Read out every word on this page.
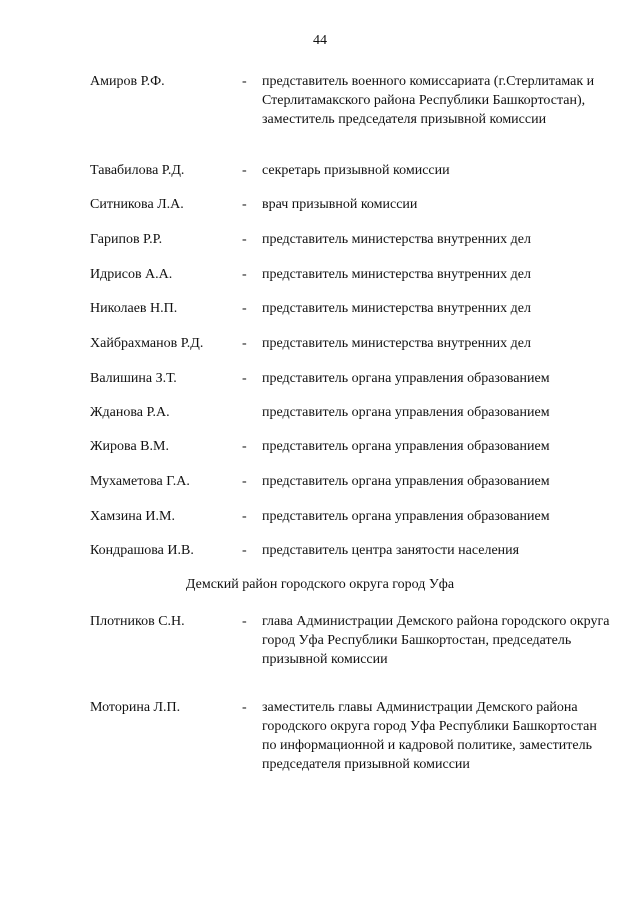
44
Амиров Р.Ф.	- представитель военного комиссариата (г.Стерлитамак и Стерлитамакского района Республики Башкортостан), заместитель председателя призывной комиссии
Тавабилова Р.Д.	- секретарь призывной комиссии
Ситникова Л.А.	- врач призывной комиссии
Гарипов Р.Р.	- представитель министерства внутренних дел
Идрисов А.А.	- представитель министерства внутренних дел
Николаев Н.П.	- представитель министерства внутренних дел
Хайбрахманов Р.Д.	- представитель министерства внутренних дел
Валишина З.Т.	- представитель органа управления образованием
Жданова Р.А.	представитель органа управления образованием
Жирова В.М.	- представитель органа управления образованием
Мухаметова Г.А.	- представитель органа управления образованием
Хамзина И.М.	- представитель органа управления образованием
Кондрашова И.В.	- представитель центра занятости населения
Демский район городского округа город Уфа
Плотников С.Н.	- глава Администрации Демского района городского округа город Уфа Республики Башкортостан, председатель призывной комиссии
Моторина Л.П.	- заместитель главы Администрации Демского района городского округа город Уфа Республики Башкортостан по информационной и кадровой политике, заместитель председателя призывной комиссии
